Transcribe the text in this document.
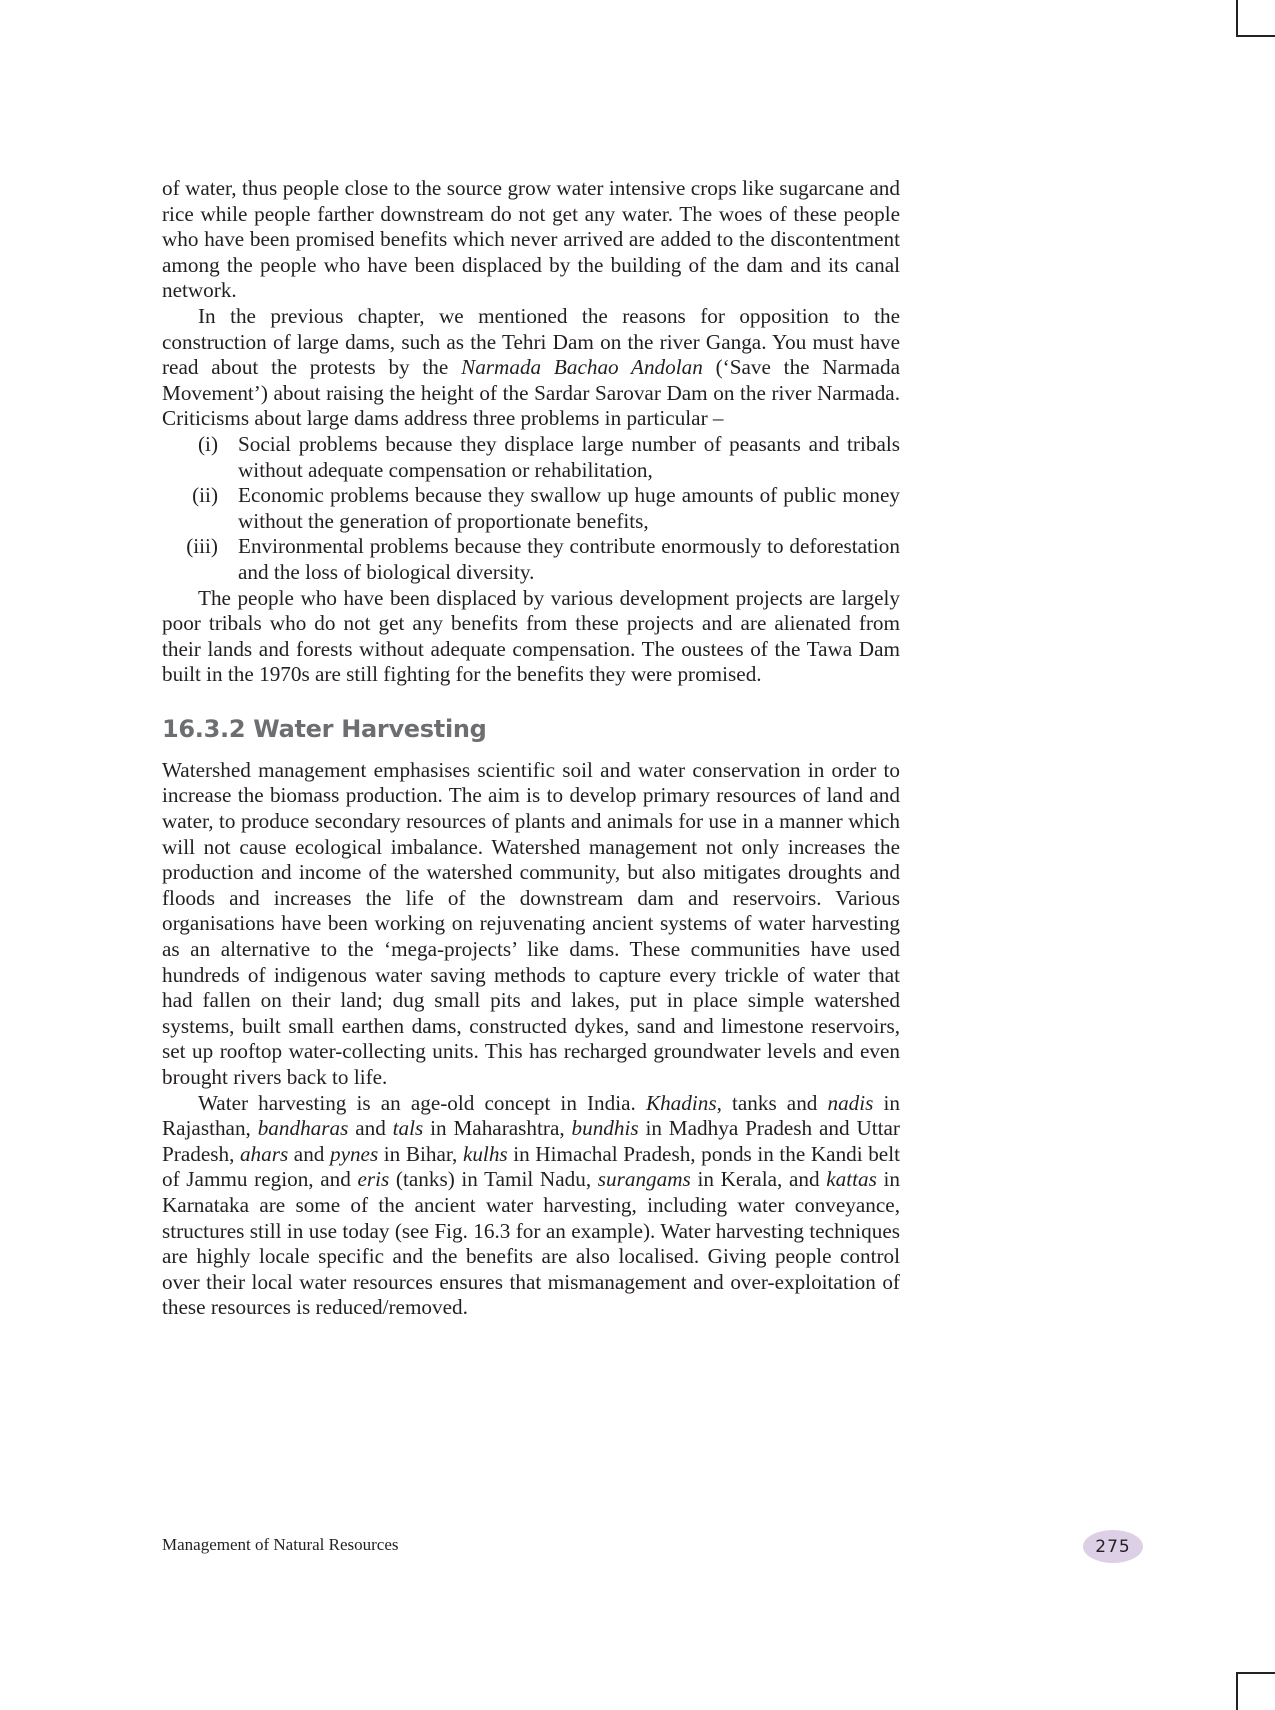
of water, thus people close to the source grow water intensive crops like sugarcane and rice while people farther downstream do not get any water. The woes of these people who have been promised benefits which never arrived are added to the discontentment among the people who have been displaced by the building of the dam and its canal network.

In the previous chapter, we mentioned the reasons for opposition to the construction of large dams, such as the Tehri Dam on the river Ganga. You must have read about the protests by the Narmada Bachao Andolan (‘Save the Narmada Movement’) about raising the height of the Sardar Sarovar Dam on the river Narmada. Criticisms about large dams address three problems in particular –

(i) Social problems because they displace large number of peasants and tribals without adequate compensation or rehabilitation,
(ii) Economic problems because they swallow up huge amounts of public money without the generation of proportionate benefits,
(iii) Environmental problems because they contribute enormously to deforestation and the loss of biological diversity.

The people who have been displaced by various development projects are largely poor tribals who do not get any benefits from these projects and are alienated from their lands and forests without adequate compensation. The oustees of the Tawa Dam built in the 1970s are still fighting for the benefits they were promised.

16.3.2 Water Harvesting

Watershed management emphasises scientific soil and water conservation in order to increase the biomass production. The aim is to develop primary resources of land and water, to produce secondary resources of plants and animals for use in a manner which will not cause ecological imbalance. Watershed management not only increases the production and income of the watershed community, but also mitigates droughts and floods and increases the life of the downstream dam and reservoirs. Various organisations have been working on rejuvenating ancient systems of water harvesting as an alternative to the ‘mega-projects’ like dams. These communities have used hundreds of indigenous water saving methods to capture every trickle of water that had fallen on their land; dug small pits and lakes, put in place simple watershed systems, built small earthen dams, constructed dykes, sand and limestone reservoirs, set up rooftop water-collecting units. This has recharged groundwater levels and even brought rivers back to life.

Water harvesting is an age-old concept in India. Khadins, tanks and nadis in Rajasthan, bandharas and tals in Maharashtra, bundhis in Madhya Pradesh and Uttar Pradesh, ahars and pynes in Bihar, kulhs in Himachal Pradesh, ponds in the Kandi belt of Jammu region, and eris (tanks) in Tamil Nadu, surangams in Kerala, and kattas in Karnataka are some of the ancient water harvesting, including water conveyance, structures still in use today (see Fig. 16.3 for an example). Water harvesting techniques are highly locale specific and the benefits are also localised. Giving people control over their local water resources ensures that mismanagement and over-exploitation of these resources is reduced/removed.

Management of Natural Resources	275
